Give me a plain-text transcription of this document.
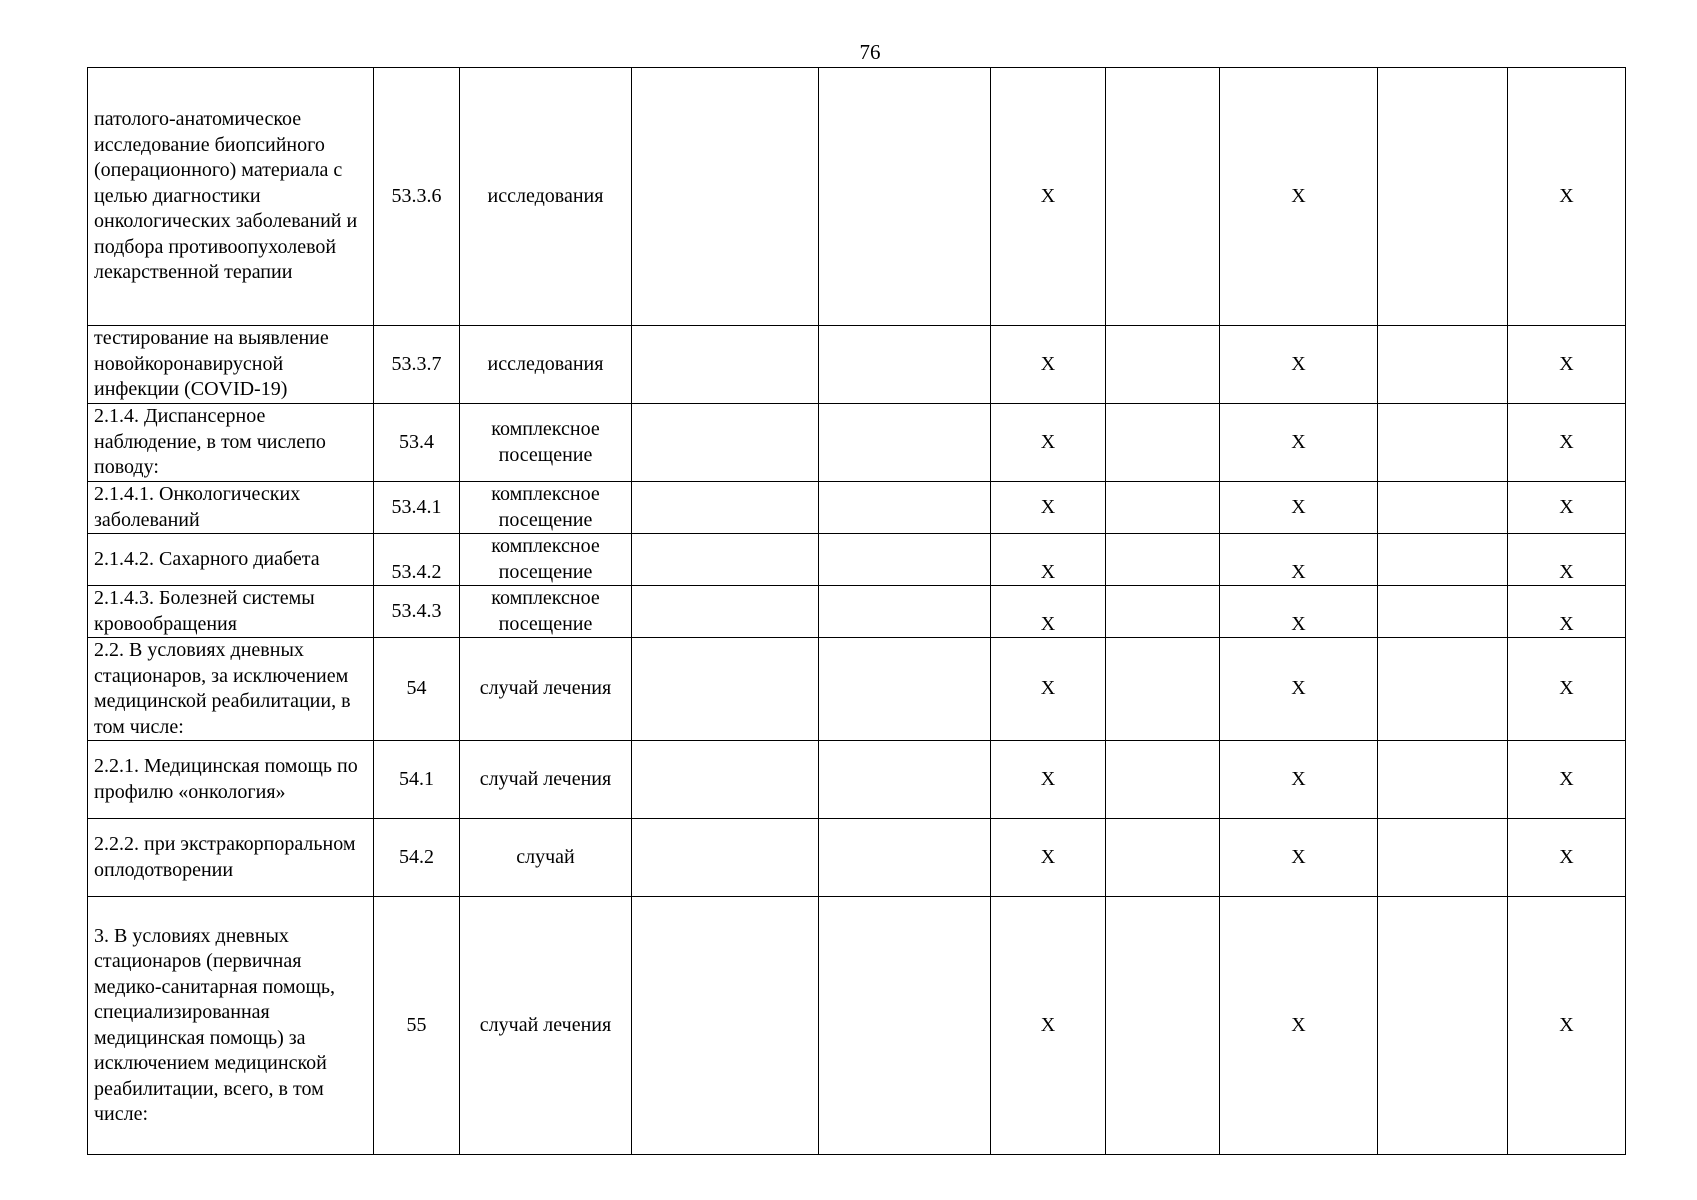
76
патолого-анатомическое исследование биопсийного (операционного) материала с целью диагностики онкологических заболеваний и подбора противоопухолевой лекарственной терапии	53.3.6	исследования			Х		Х		Х
тестирование на выявление новойкоронавирусной инфекции (COVID-19)	53.3.7	исследования			Х		Х		Х
2.1.4. Диспансерное наблюдение, в том числепо поводу:	53.4	комплексное посещение			Х		Х		Х
2.1.4.1. Онкологических заболеваний	53.4.1	комплексное посещение			Х		Х		Х
2.1.4.2. Сахарного диабета	53.4.2	комплексное посещение			Х		Х		Х
2.1.4.3. Болезней системы кровообращения	53.4.3	комплексное посещение			Х		Х		Х
2.2. В условиях дневных стационаров, за исключением медицинской реабилитации, в том числе:	54	случай лечения			Х		Х		Х
2.2.1. Медицинская помощь по профилю «онкология»	54.1	случай лечения			Х		Х		Х
2.2.2. при экстракорпоральном оплодотворении	54.2	случай			Х		Х		Х
3. В условиях дневных стационаров (первичная медико-санитарная помощь, специализированная медицинская помощь) за исключением медицинской реабилитации, всего, в том числе:	55	случай лечения			Х		Х		Х
